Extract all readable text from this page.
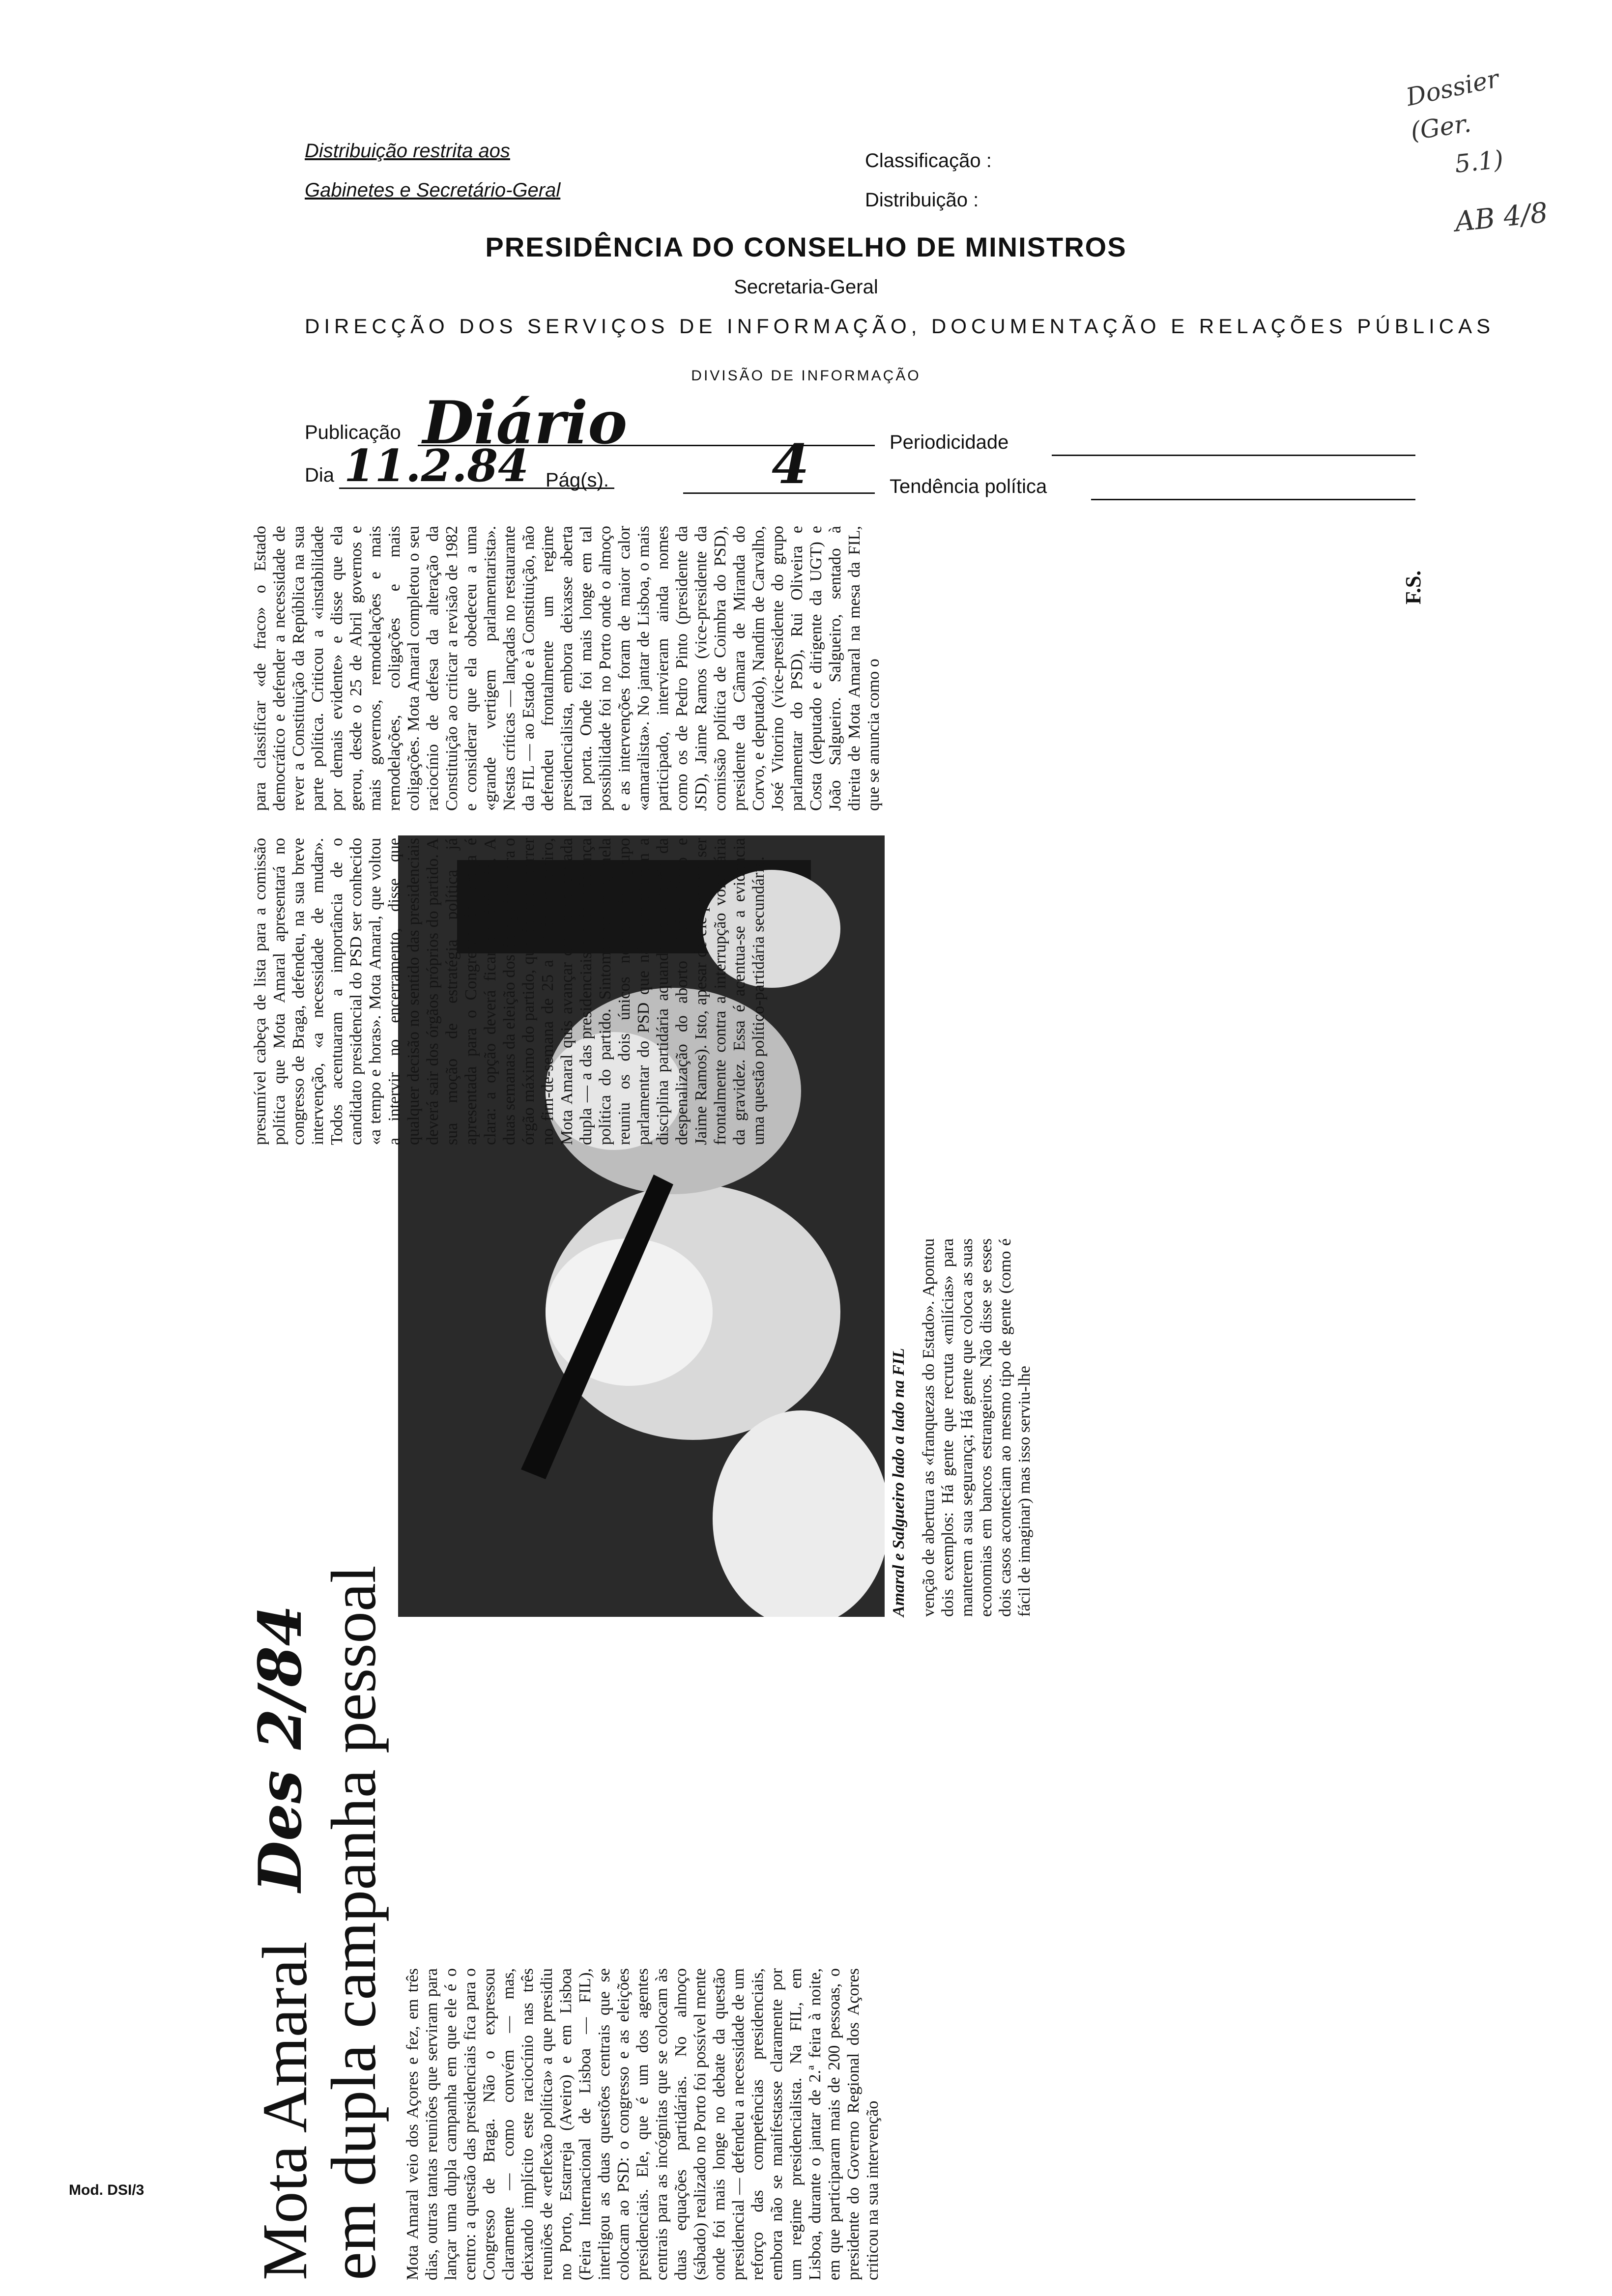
Distribuição restrita aos
Gabinetes e Secretário-Geral
Classificação :
Distribuição :
Dossier
(Ger.
5.1)
AB 4/8
PRESIDÊNCIA DO CONSELHO DE MINISTROS
Secretaria-Geral
DIRECÇÃO DOS SERVIÇOS DE INFORMAÇÃO, DOCUMENTAÇÃO E RELAÇÕES PÚBLICAS
DIVISÃO DE INFORMAÇÃO
Publicação Diário	Periodicidade
Dia 11.2.84 Pág(s).	4	Tendência política
Mota Amaral
em dupla campanha pessoal
Des 2/84
Amaral e Salgueiro lado a lado na FIL
Mota Amaral veio dos Açores e fez, em três dias, outras tantas reuniões que serviram para lançar uma dupla campanha em que ele é o centro: a questão das presidenciais fica para o Congresso de Braga. Não o expressou claramente — como convém — mas, deixando implícito este raciocínio nas três reuniões de «reflexão política» a que presidiu no Porto, Estarreja (Aveiro) e em Lisboa (Feira Internacional de Lisboa — FIL), interligou as duas questões centrais que se colocam ao PSD: o congresso e as eleições presidenciais. Ele, que é um dos agentes centrais para as incógnitas que se colocam às duas equações partidárias. No almoço (sábado) realizado no Porto foi possível mente onde foi mais longe no debate da questão presidencial — defendeu a necessidade de um reforço das competências presidenciais, embora não se manifestasse claramente por um regime presidencialista. Na FIL, em Lisboa, durante o jantar de 2.ª feira à noite, em que participaram mais de 200 pessoas, o presidente do Governo Regional dos Açores criticou na sua intervenção
venção de abertura as «franquezas do Estado». Apontou dois exemplos: Há gente que recruta «milícias» para manterem a sua segurança; Há gente que coloca as suas economias em bancos estrangeiros. Não disse se esses dois casos aconteciam ao mesmo tipo de gente (como é fácil de imaginar) mas isso serviu-lhe
para classificar «de fraco» o Estado democrático e defender a necessidade de rever a Constituição da República na sua parte política. Criticou a «instabilidade por demais evidente» e disse que ela gerou, desde o 25 de Abril governos e mais governos, remodelações e mais remodelações, coligações e mais coligações. Mota Amaral completou o seu raciocínio de defesa da alteração da Constituição ao criticar a revisão de 1982 e considerar que ela obedeceu a uma «grande vertigem parlamentarista». Nestas críticas — lançadas no restaurante da FIL — ao Estado e à Constituição, não defendeu frontalmente um regime presidencialista, embora deixasse aberta tal porta. Onde foi mais longe em tal possibilidade foi no Porto onde o almoço e as intervenções foram de maior calor «amaralista». No jantar de Lisboa, o mais participado, intervieram ainda nomes como os de Pedro Pinto (presidente da JSD), Jaime Ramos (vice-presidente da comissão política de Coimbra do PSD), presidente da Câmara de Miranda do Corvo, e deputado), Nandim de Carvalho, José Vitorino (vice-presidente do grupo parlamentar do PSD), Rui Oliveira e Costa (deputado e dirigente da UGT) e João Salgueiro. Salgueiro, sentado à direita de Mota Amaral na mesa da FIL, que se anuncia como o
presumível cabeça de lista para a comissão política que Mota Amaral apresentará no congresso de Braga, defendeu, na sua breve intervenção, «a necessidade de mudar». Todos acentuaram a importância de o candidato presidencial do PSD ser conhecido «a tempo e horas». Mota Amaral, que voltou a intervir no encerramento, disse que qualquer decisão no sentido das presidenciais deverá sair dos órgãos próprios do partido. A sua moção de estratégia política já apresentada para o Congresso de Braga é clara: a opção deverá ficar ali definida. A duas semanas da eleição dos delegados para o órgão máximo do partido, que deverá ocorrer no fim-de-semana de 25 a 26 de Fevereiro, Mota Amaral quis avançar com uma cartada dupla — a das presidenciais e a da liderança política do partido. Sintomaticamente, nela reuniu os dois únicos nomes do grupo parlamentar do PSD que não respeitaram a disciplina partidária aquando da votação da despenalização do aborto (Pedro Pinto e Jaime Ramos). Isto, apesar de ele próprio ser frontalmente contra a interrupção voluntária da gravidez. Essa é acentua-se a evidência uma questão político-partidária secundária.
F.S.
Mod. DSI/3
